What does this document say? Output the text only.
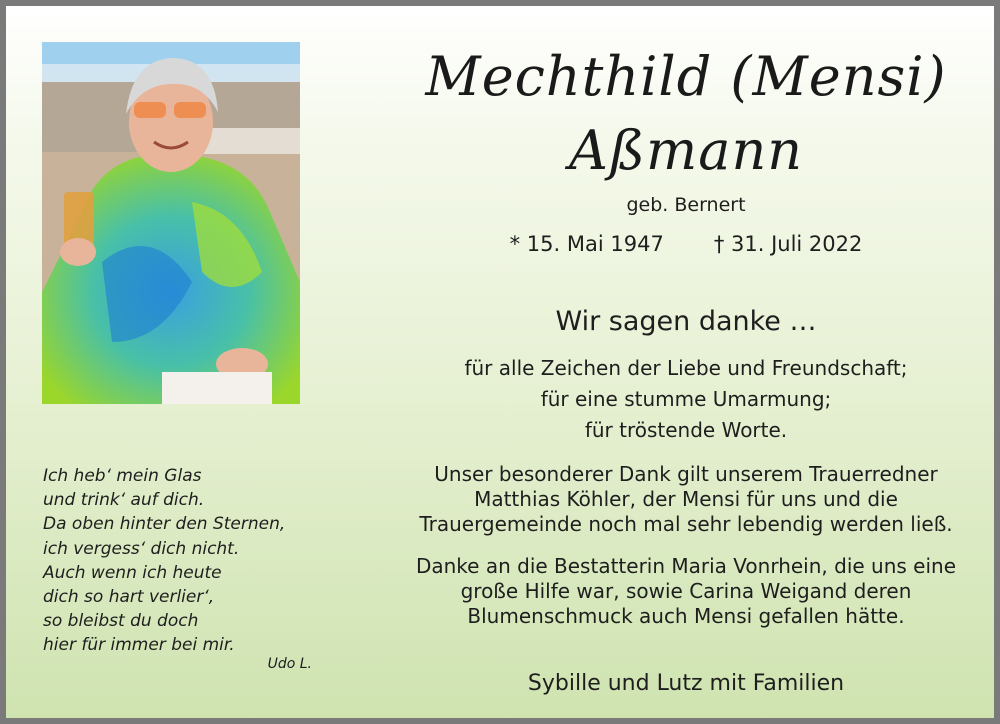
Mechthild (Mensi)
Aßmann
geb. Bernert
* 15. Mai 1947 † 31. Juli 2022
Wir sagen danke …
für alle Zeichen der Liebe und Freundschaft;
für eine stumme Umarmung;
für tröstende Worte.
Unser besonderer Dank gilt unserem Trauerredner
Matthias Köhler, der Mensi für uns und die
Trauergemeinde noch mal sehr lebendig werden ließ.
Danke an die Bestatterin Maria Vonrhein, die uns eine
große Hilfe war, sowie Carina Weigand deren
Blumenschmuck auch Mensi gefallen hätte.
Sybille und Lutz mit Familien
Ich heb‘ mein Glas
und trink‘ auf dich.
Da oben hinter den Sternen,
ich vergess‘ dich nicht.
Auch wenn ich heute
dich so hart verlier‘,
so bleibst du doch
hier für immer bei mir.
Udo L.
